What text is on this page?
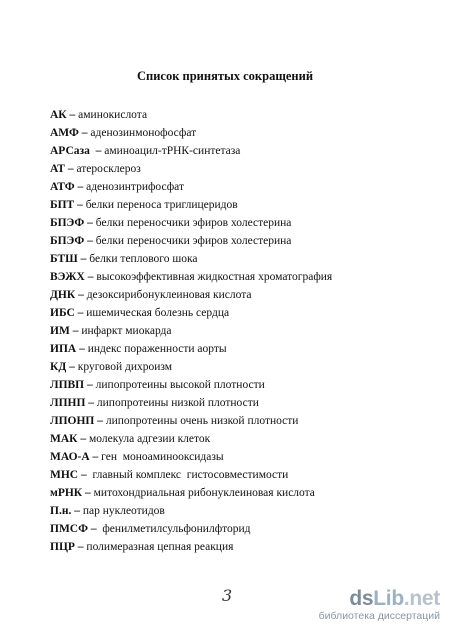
Список принятых сокращений
АК – аминокислота
АМФ – аденозинмонофосфат
АРСаза  – аминоацил-тРНК-синтетаза
АТ – атеросклероз
АТФ – аденозинтрифосфат
БПТ – белки переноса триглицеридов
БПЭФ – белки переносчики эфиров холестерина
БПЭФ – белки переносчики эфиров холестерина
БТШ – белки теплового шока
ВЭЖХ – высокоэффективная жидкостная хроматография
ДНК – дезоксирибонуклеиновая кислота
ИБС – ишемическая болезнь сердца
ИМ – инфаркт миокарда
ИПА – индекс пораженности аорты
КД – круговой дихроизм
ЛПВП – липопротеины высокой плотности
ЛПНП – липопротеины низкой плотности
ЛПОНП – липопротеины очень низкой плотности
МАК – молекула адгезии клеток
МАО-А – ген  моноаминооксидазы
МНС –  главный комплекс  гистосовместимости
мРНК – митохондриальная рибонуклеиновая кислота
П.н. – пар нуклеотидов
ПМСФ –  фенилметилсульфонилфторид
ПЦР – полимеразная цепная реакция
3	dsLib.net
библиотека диссертаций
